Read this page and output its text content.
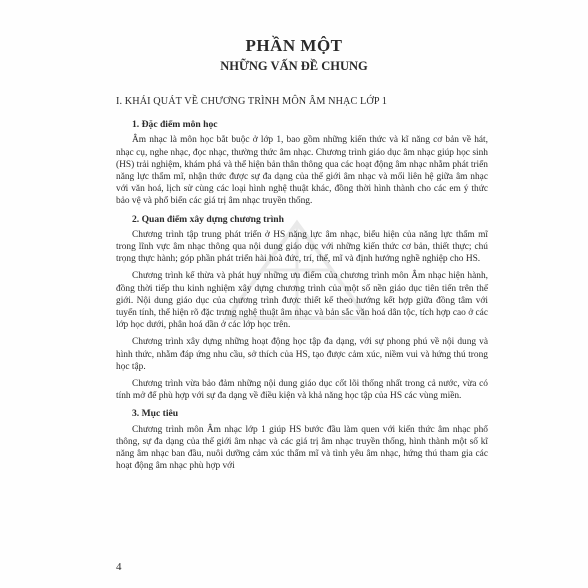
PHẦN MỘT
NHỮNG VẤN ĐỀ CHUNG
I. KHÁI QUÁT VỀ CHƯƠNG TRÌNH MÔN ÂM NHẠC LỚP 1
1. Đặc điểm môn học

Âm nhạc là môn học bắt buộc ở lớp 1, bao gồm những kiến thức và kĩ năng cơ bản về hát, nhạc cụ, nghe nhạc, đọc nhạc, thường thức âm nhạc. Chương trình giáo dục âm nhạc giúp học sinh (HS) trải nghiệm, khám phá và thể hiện bản thân thông qua các hoạt động âm nhạc nhằm phát triển năng lực thẩm mĩ, nhận thức được sự đa dạng của thế giới âm nhạc và mối liên hệ giữa âm nhạc với văn hoá, lịch sử cùng các loại hình nghệ thuật khác, đồng thời hình thành cho các em ý thức bảo vệ và phổ biến các giá trị âm nhạc truyền thống.

2. Quan điểm xây dựng chương trình

Chương trình tập trung phát triển ở HS năng lực âm nhạc, biểu hiện của năng lực thẩm mĩ trong lĩnh vực âm nhạc thông qua nội dung giáo dục với những kiến thức cơ bản, thiết thực; chú trọng thực hành; góp phần phát triển hài hoà đức, trí, thể, mĩ và định hướng nghề nghiệp cho HS.

Chương trình kế thừa và phát huy những ưu điểm của chương trình môn Âm nhạc hiện hành, đồng thời tiếp thu kinh nghiệm xây dựng chương trình của một số nền giáo dục tiên tiến trên thế giới. Nội dung giáo dục của chương trình được thiết kế theo hướng kết hợp giữa đồng tâm với tuyến tính, thể hiện rõ đặc trưng nghệ thuật âm nhạc và bản sắc văn hoá dân tộc, tích hợp cao ở các lớp học dưới, phân hoá dần ở các lớp học trên.

Chương trình xây dựng những hoạt động học tập đa dạng, với sự phong phú về nội dung và hình thức, nhằm đáp ứng nhu cầu, sở thích của HS, tạo được cảm xúc, niềm vui và hứng thú trong học tập.

Chương trình vừa bảo đảm những nội dung giáo dục cốt lõi thống nhất trong cả nước, vừa có tính mở để phù hợp với sự đa dạng về điều kiện và khả năng học tập của HS các vùng miền.

3. Mục tiêu

Chương trình môn Âm nhạc lớp 1 giúp HS bước đầu làm quen với kiến thức âm nhạc phổ thông, sự đa dạng của thế giới âm nhạc và các giá trị âm nhạc truyền thống, hình thành một số kĩ năng âm nhạc ban đầu, nuôi dưỡng cảm xúc thẩm mĩ và tình yêu âm nhạc, hứng thú tham gia các hoạt động âm nhạc phù hợp với

4
